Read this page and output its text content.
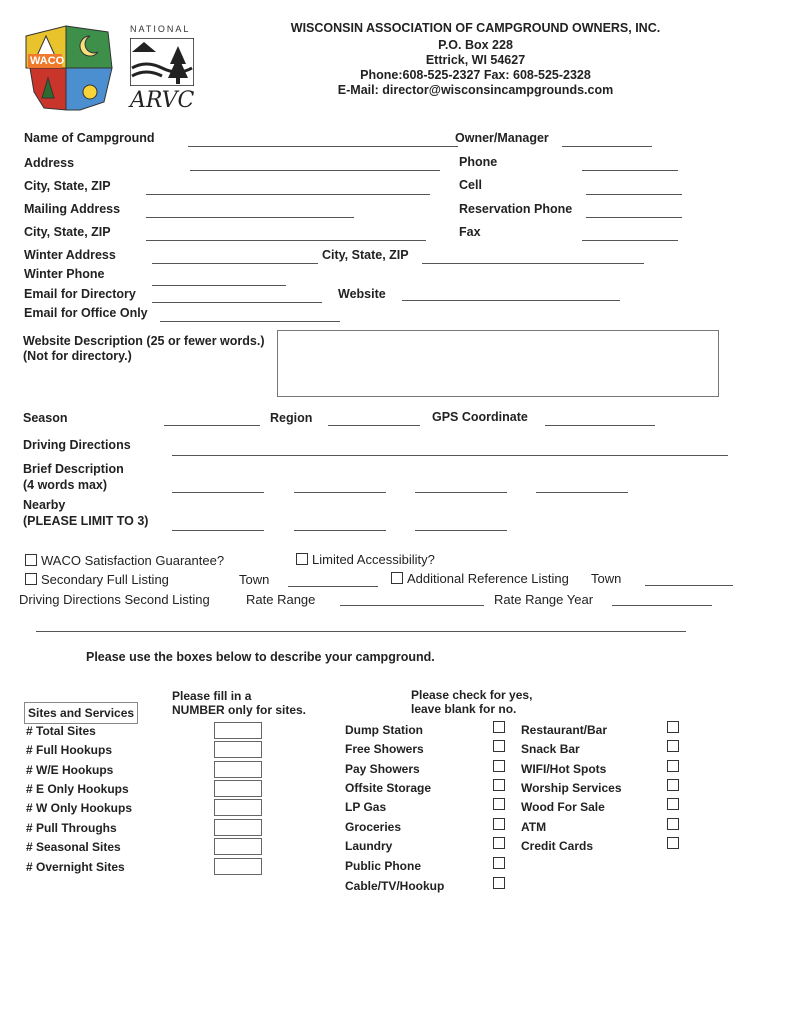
WACO
NATIONAL
ARVC
WISCONSIN ASSOCIATION OF CAMPGROUND OWNERS, INC.
P.O. Box 228
Ettrick, WI 54627
Phone:608-525-2327 Fax: 608-525-2328
E-Mail: director@wisconsincampgrounds.com
Name of Campground	Owner/Manager
Address	Phone
City, State, ZIP	Cell
Mailing Address	Reservation Phone
City, State, ZIP	Fax
Winter Address	City, State, ZIP
Winter Phone
Email for Directory	Website
Email for Office Only
Website Description (25 or fewer words.)
(Not for directory.)
Season	Region	GPS Coordinate
Driving Directions
Brief Description
(4 words max)
Nearby
(PLEASE LIMIT TO 3)
WACO Satisfaction Guarantee?	Limited Accessibility?
Secondary Full Listing	Town	Additional Reference Listing Town
Driving Directions Second Listing	Rate Range	Rate Range Year
Please use the boxes below to describe your campground.
Please fill in a
NUMBER only for sites.
Please check for yes,
leave blank for no.
Sites and Services
# Total Sites
# Full Hookups
# W/E Hookups
# E Only Hookups
# W Only Hookups
# Pull Throughs
# Seasonal Sites
# Overnight Sites
Dump Station
Free Showers
Pay Showers
Offsite Storage
LP Gas
Groceries
Laundry
Public Phone
Cable/TV/Hookup
Restaurant/Bar
Snack Bar
WIFI/Hot Spots
Worship Services
Wood For Sale
ATM
Credit Cards
